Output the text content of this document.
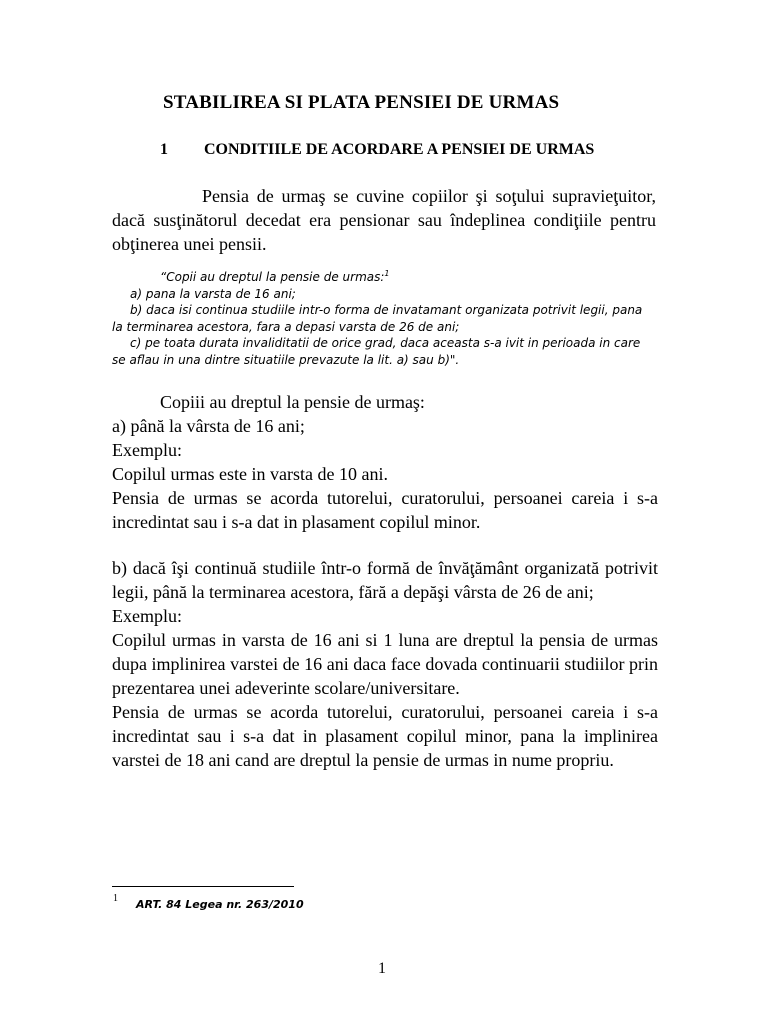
STABILIREA SI PLATA PENSIEI DE URMAS
1 CONDITIILE DE ACORDARE A PENSIEI DE URMAS

Pensia de urmaş se cuvine copiilor şi soţului supravieţuitor, dacă susţinătorul decedat era pensionar sau îndeplinea condiţiile pentru obţinerea unei pensii.

“Copii au dreptul la pensie de urmas:$^1$
a) pana la varsta de 16 ani;
b) daca isi continua studiile intr-o forma de invatamant organizata potrivit legii, pana la terminarea acestora, fara a depasi varsta de 26 de ani;
c) pe toata durata invaliditatii de orice grad, daca aceasta s-a ivit in perioada in care se aflau in una dintre situatiile prevazute la lit. a) sau b)".

Copiii au dreptul la pensie de urmaş:

a) până la vârsta de 16 ani;

Exemplu:

Copilul urmas este in varsta de 10 ani.

Pensia de urmas se acorda tutorelui, curatorului, persoanei careia i s-a incredintat sau i s-a dat in plasament copilul minor.

b) dacă îşi continuă studiile într-o formă de învăţământ organizată potrivit legii, până la terminarea acestora, fără a depăşi vârsta de 26 de ani;

Exemplu:

Copilul urmas in varsta de 16 ani si 1 luna are dreptul la pensia de urmas dupa implinirea varstei de 16 ani daca face dovada continuarii studiilor prin prezentarea unei adeverinte scolare/universitare.

Pensia de urmas se acorda tutorelui, curatorului, persoanei careia i s-a incredintat sau i s-a dat in plasament copilul minor, pana la implinirea varstei de 18 ani cand are dreptul la pensie de urmas in nume propriu.

1 ART. 84 Legea nr. 263/2010
1
